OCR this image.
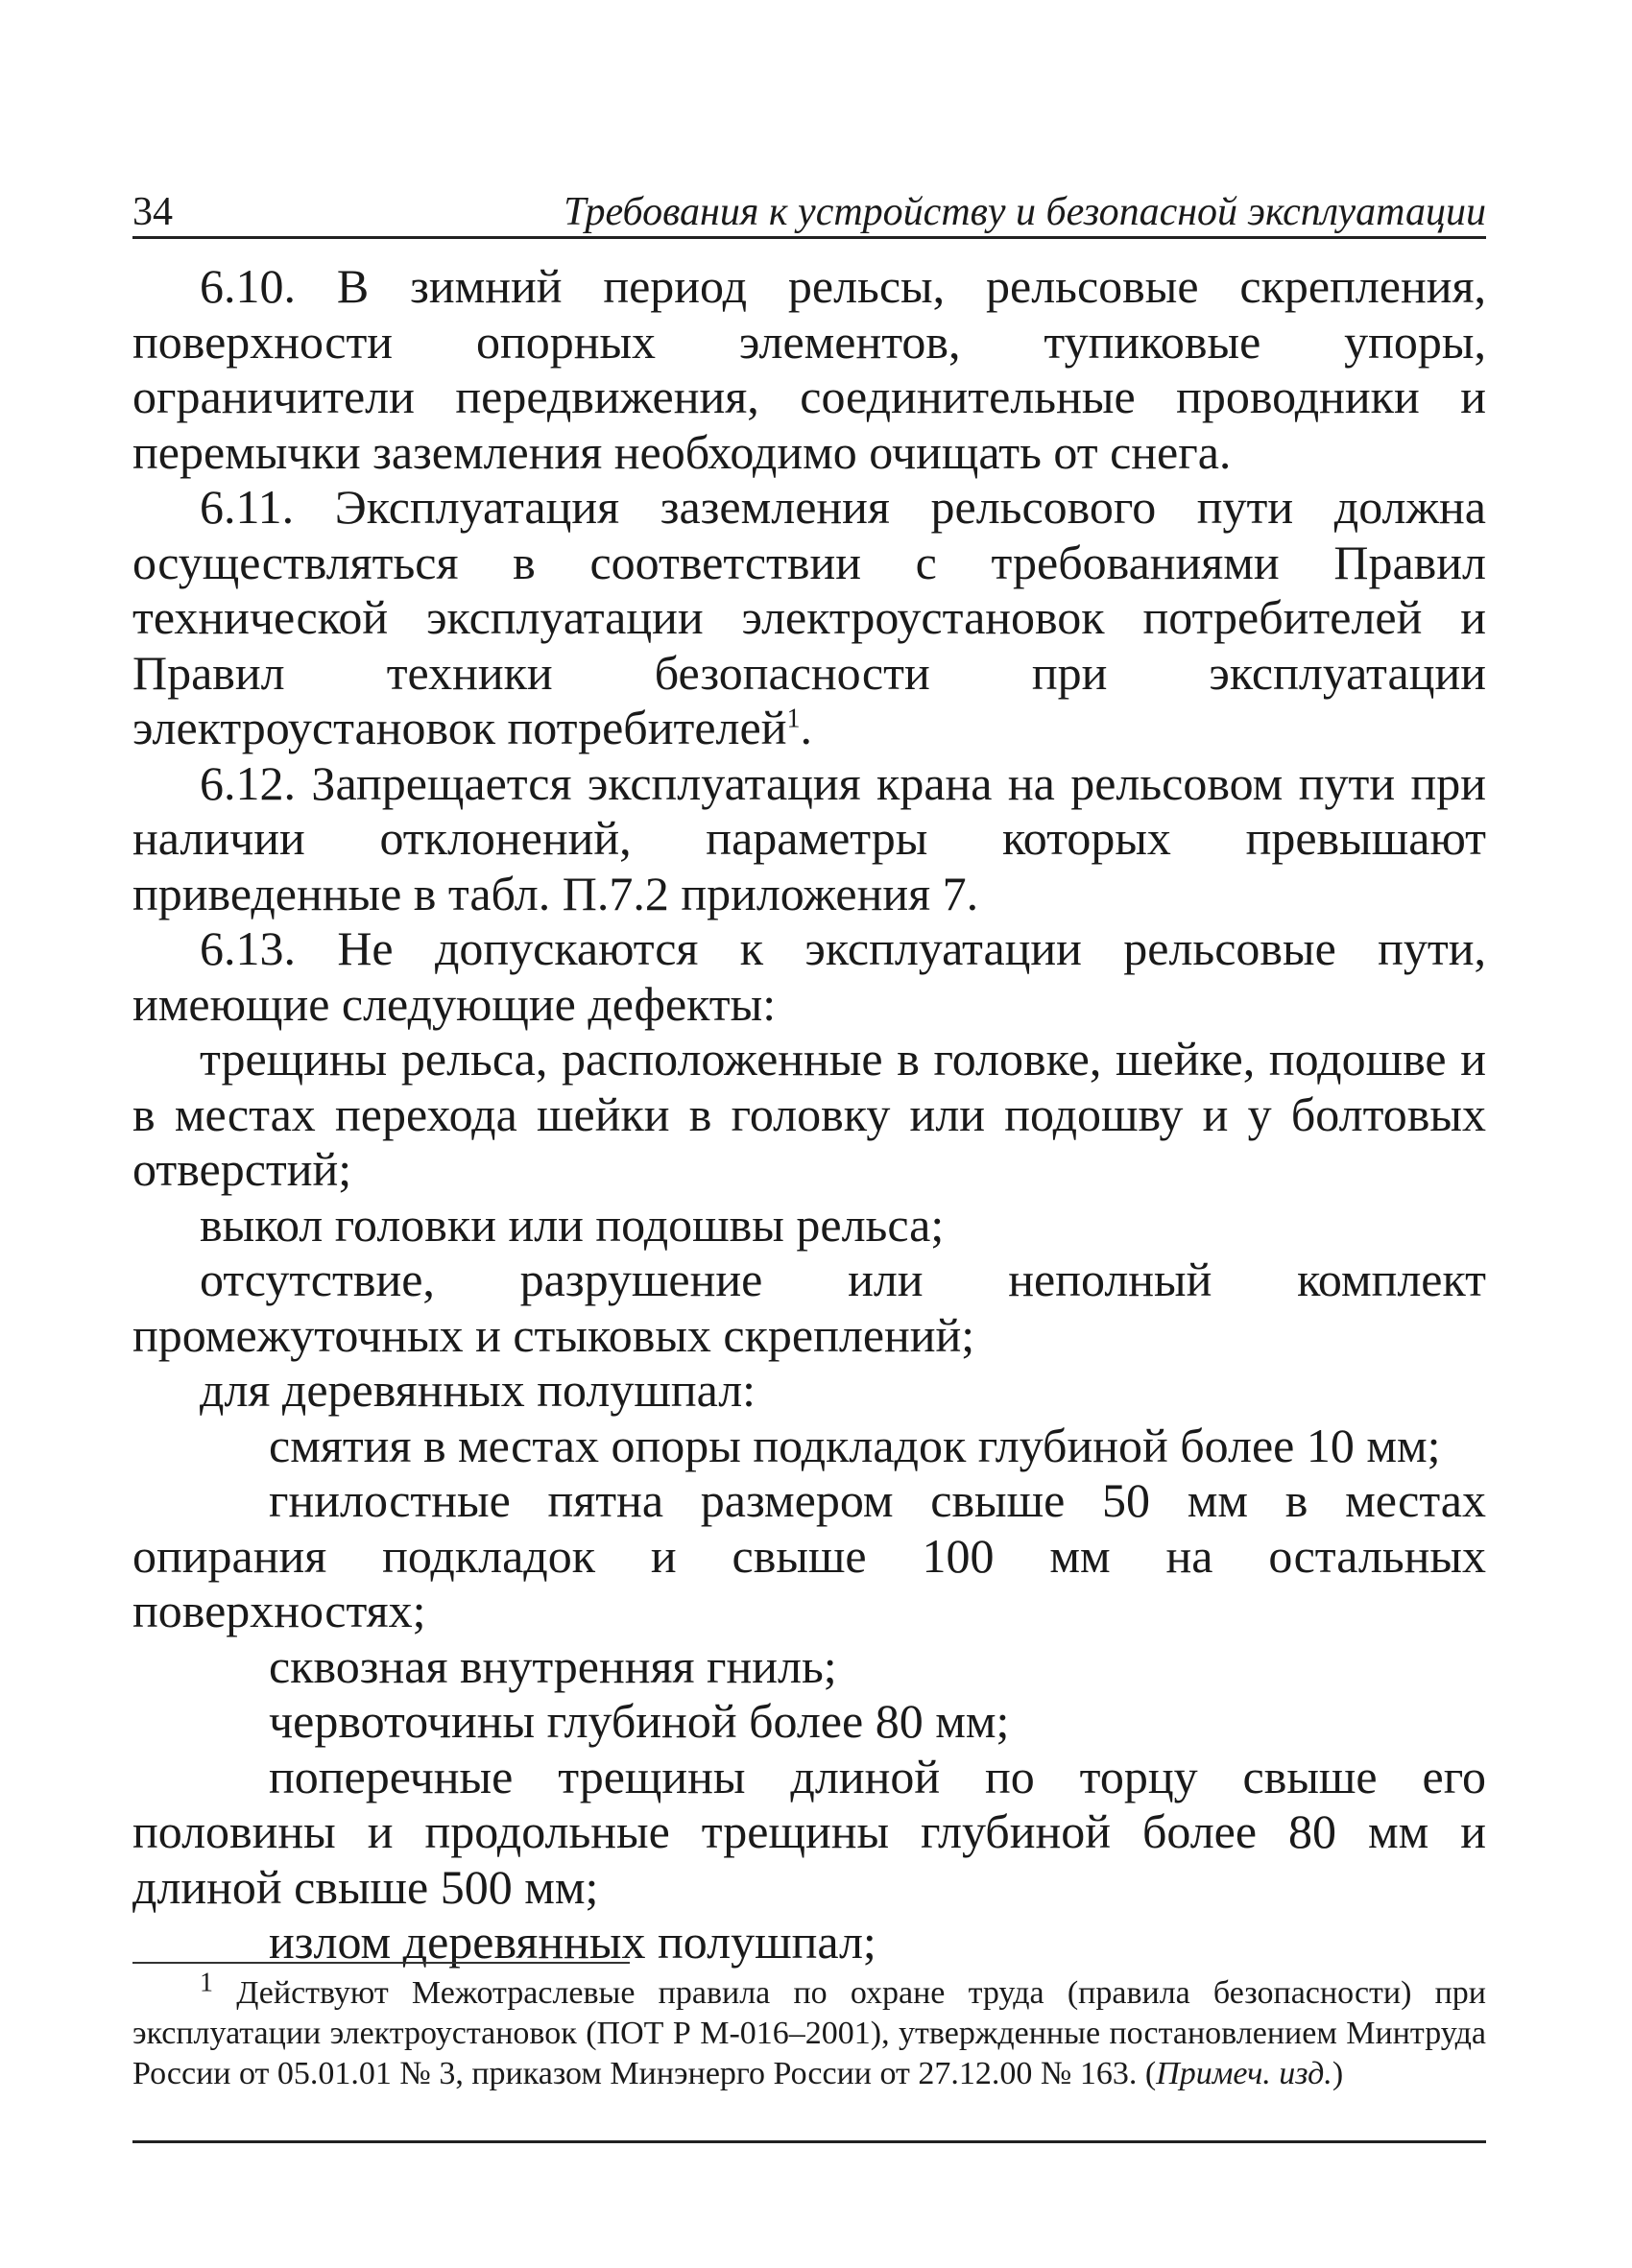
34	Требования к устройству и безопасной эксплуатации

6.10. В зимний период рельсы, рельсовые скрепления, поверхности опорных элементов, тупиковые упоры, ограничители передвижения, соединительные проводники и перемычки заземления необходимо очищать от снега.

6.11. Эксплуатация заземления рельсового пути должна осуществляться в соответствии с требованиями Правил технической эксплуатации электроустановок потребителей и Правил техники безопасности при эксплуатации электроустановок потребителей$^1$.

6.12. Запрещается эксплуатация крана на рельсовом пути при наличии отклонений, параметры которых превышают приведенные в табл. П.7.2 приложения 7.

6.13. Не допускаются к эксплуатации рельсовые пути, имеющие следующие дефекты:

трещины рельса, расположенные в головке, шейке, подошве и в местах перехода шейки в головку или подошву и у болтовых отверстий;

выкол головки или подошвы рельса;

отсутствие, разрушение или неполный комплект промежуточных и стыковых скреплений;

для деревянных полушпал:

смятия в местах опоры подкладок глубиной более 10 мм;

гнилостные пятна размером свыше 50 мм в местах опирания подкладок и свыше 100 мм на остальных поверхностях;

сквозная внутренняя гниль;

червоточины глубиной более 80 мм;

поперечные трещины длиной по торцу свыше его половины и продольные трещины глубиной более 80 мм и длиной свыше 500 мм;

излом деревянных полушпал;

$^1$ Действуют Межотраслевые правила по охране труда (правила безопасности) при эксплуатации электроустановок (ПОТ Р М-016–2001), утвержденные постановлением Минтруда России от 05.01.01 № 3, приказом Минэнерго России от 27.12.00 № 163. (Примеч. изд.)
